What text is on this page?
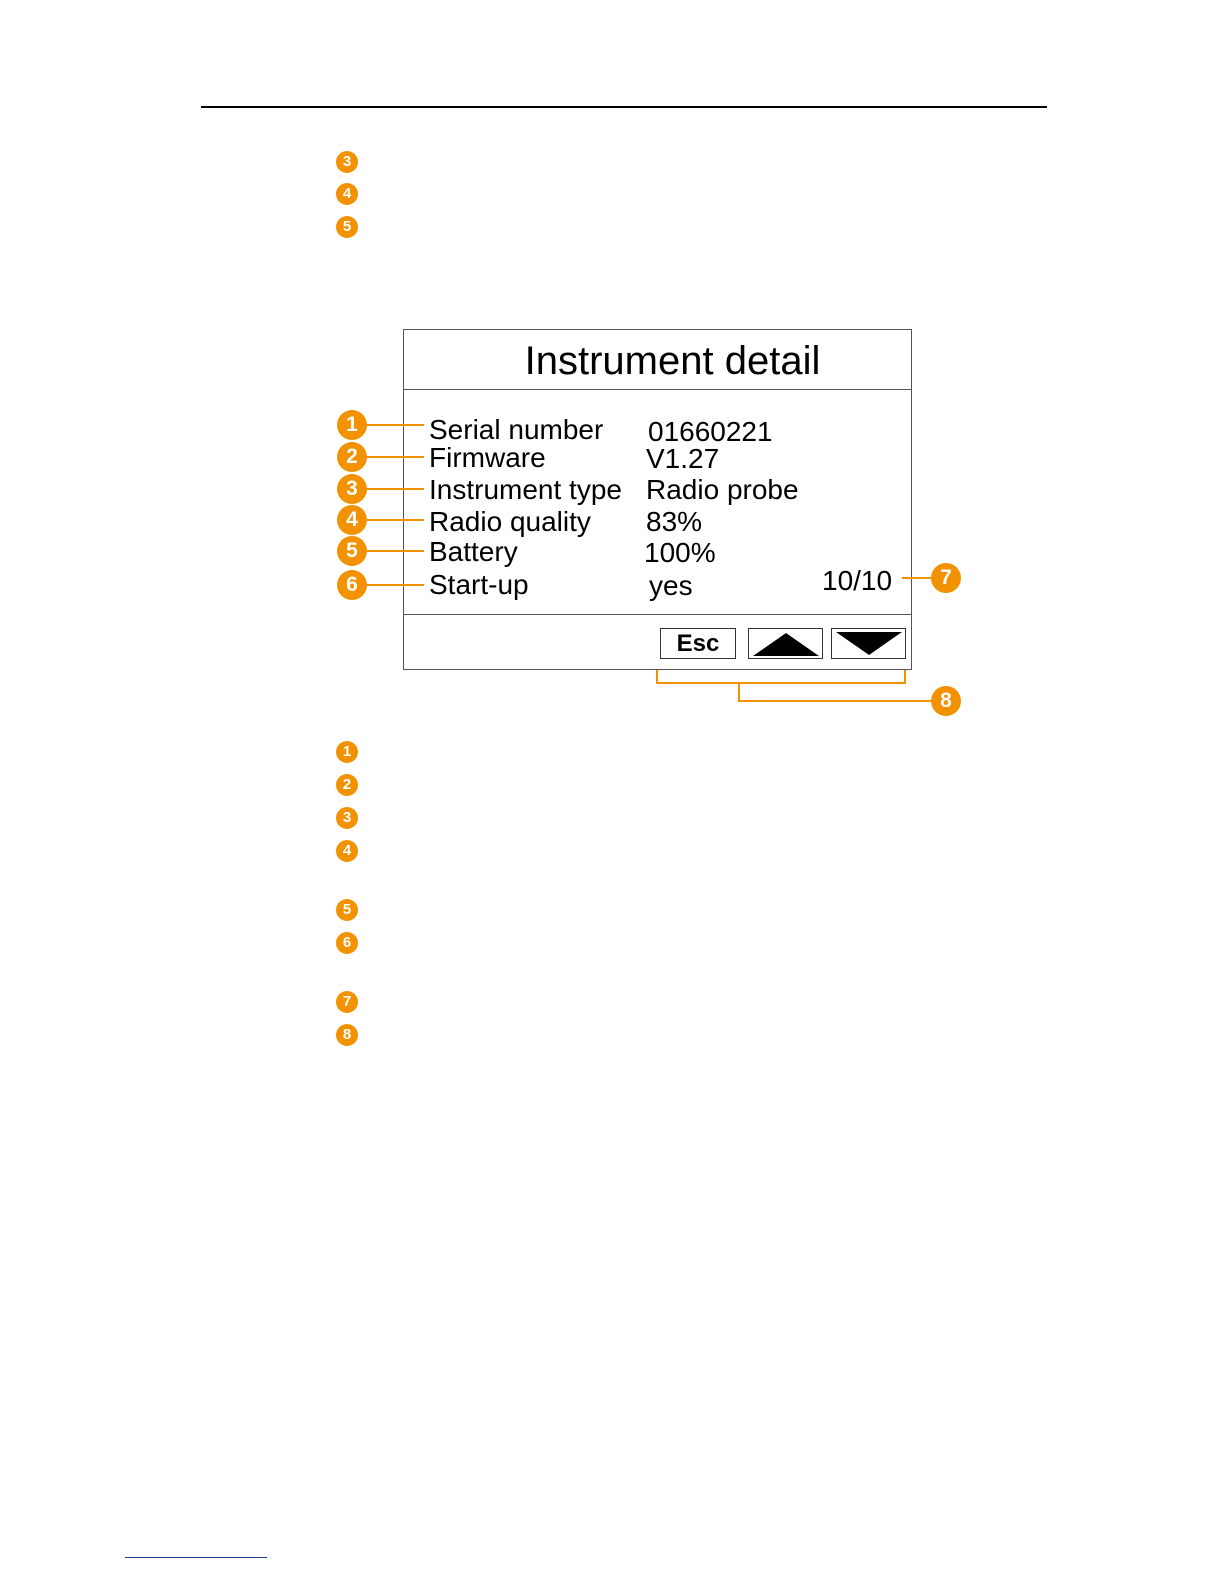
3
4
5
Instrument detail
Serial number 01660221
Firmware	V1.27
Instrument type Radio probe
Radio quality 83%
Battery	100%
Start-up	yes	10/10
Esc
1
2
3
4
5
6	7
8
1
2
3
4
5
6
7
8
